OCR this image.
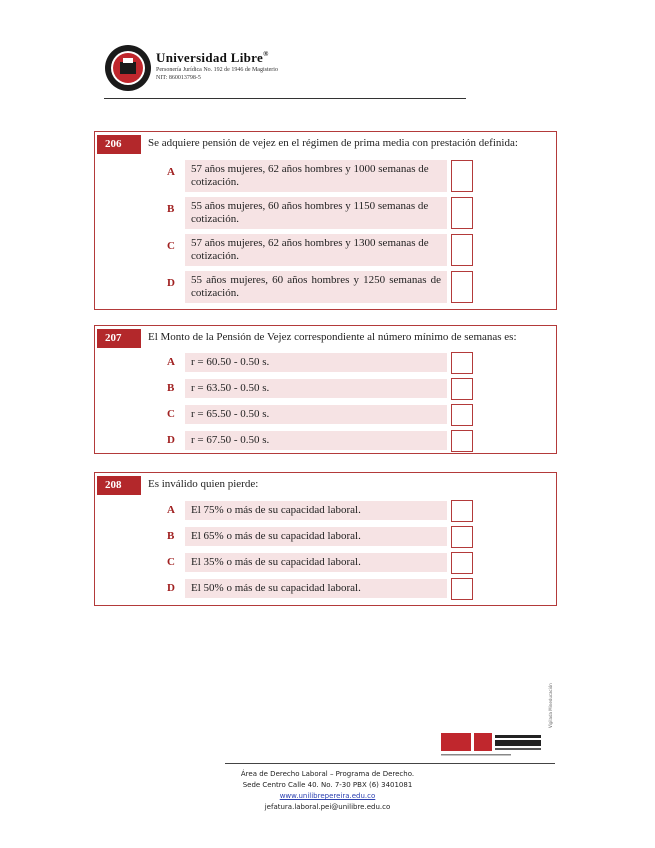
Universidad Libre®
Personería Jurídica No. 192 de 1946 de Magisterio
NIT: 860013798-5
206	Se adquiere pensión de vejez en el régimen de prima media con prestación definida:
A	57 años mujeres, 62 años hombres y 1000 semanas de cotización.
B	55 años mujeres, 60 años hombres y 1150 semanas de cotización.
C	57 años mujeres, 62 años hombres y 1300 semanas de cotización.
D	55 años mujeres, 60 años hombres y 1250 semanas de cotización.
207	El Monto de la Pensión de Vejez correspondiente al número mínimo de semanas es:
A	r = 60.50 - 0.50 s.
B	r = 63.50 - 0.50 s.
C	r = 65.50 - 0.50 s.
D	r = 67.50 - 0.50 s.
208	Es inválido quien pierde:
A	El 75% o más de su capacidad laboral.
B	El 65% o más de su capacidad laboral.
C	El 35% o más de su capacidad laboral.
D	El 50% o más de su capacidad laboral.
Área de Derecho Laboral – Programa de Derecho.
Sede Centro Calle 40. No. 7-30 PBX (6) 3401081
www.unilibrepereira.edu.co
jefatura.laboral.pei@unilibre.edu.co
Vigilada Mineducación
